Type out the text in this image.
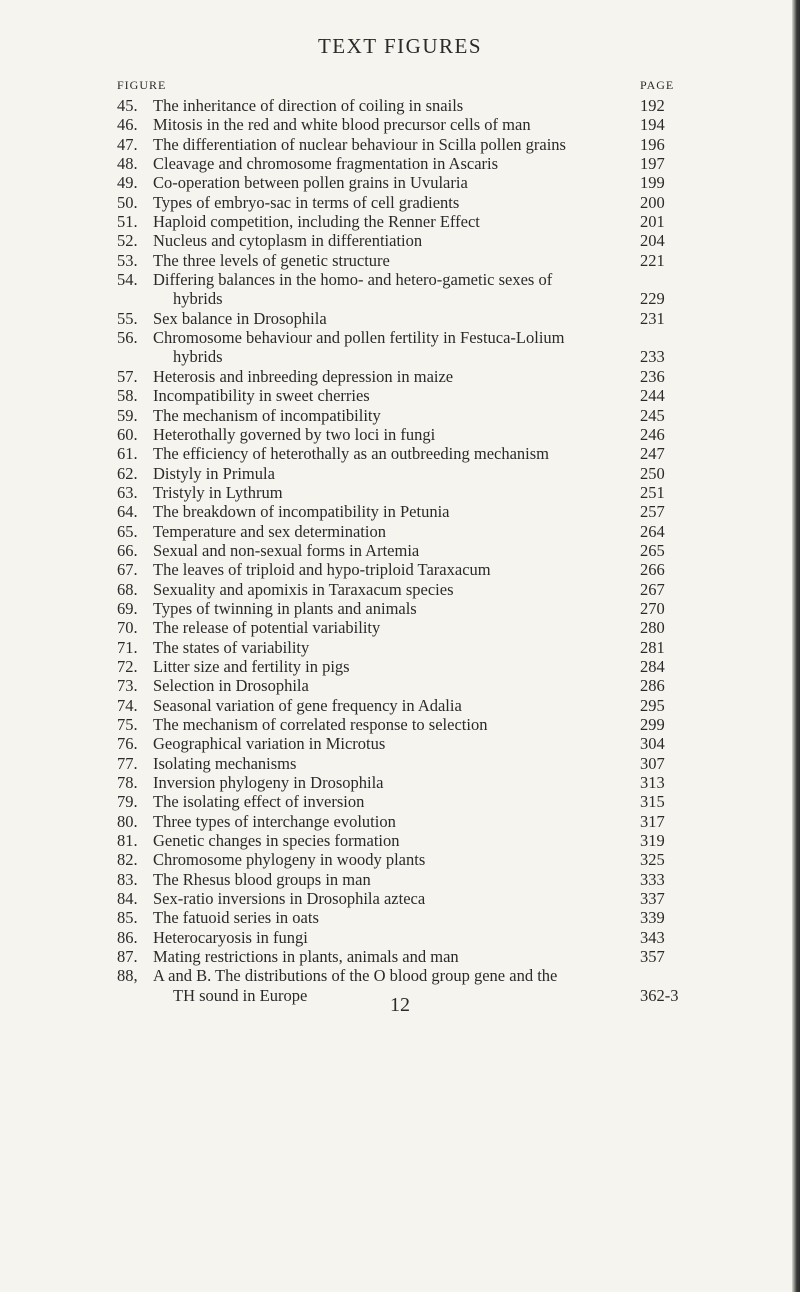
TEXT FIGURES
FIGURE	PAGE
45. The inheritance of direction of coiling in snails	192
46. Mitosis in the red and white blood precursor cells of man	194
47. The differentiation of nuclear behaviour in Scilla pollen grains	196
48. Cleavage and chromosome fragmentation in Ascaris	197
49. Co-operation between pollen grains in Uvularia	199
50. Types of embryo-sac in terms of cell gradients	200
51. Haploid competition, including the Renner Effect	201
52. Nucleus and cytoplasm in differentiation	204
53. The three levels of genetic structure	221
54. Differing balances in the homo- and hetero-gametic sexes of
hybrids	229
55. Sex balance in Drosophila	231
56. Chromosome behaviour and pollen fertility in Festuca-Lolium
hybrids	233
57. Heterosis and inbreeding depression in maize	236
58. Incompatibility in sweet cherries	244
59. The mechanism of incompatibility	245
60. Heterothally governed by two loci in fungi	246
61. The efficiency of heterothally as an outbreeding mechanism	247
62. Distyly in Primula	250
63. Tristyly in Lythrum	251
64. The breakdown of incompatibility in Petunia	257
65. Temperature and sex determination	264
66. Sexual and non-sexual forms in Artemia	265
67. The leaves of triploid and hypo-triploid Taraxacum	266
68. Sexuality and apomixis in Taraxacum species	267
69. Types of twinning in plants and animals	270
70. The release of potential variability	280
71. The states of variability	281
72. Litter size and fertility in pigs	284
73. Selection in Drosophila	286
74. Seasonal variation of gene frequency in Adalia	295
75. The mechanism of correlated response to selection	299
76. Geographical variation in Microtus	304
77. Isolating mechanisms	307
78. Inversion phylogeny in Drosophila	313
79. The isolating effect of inversion	315
80. Three types of interchange evolution	317
81. Genetic changes in species formation	319
82. Chromosome phylogeny in woody plants	325
83. The Rhesus blood groups in man	333
84. Sex-ratio inversions in Drosophila azteca	337
85. The fatuoid series in oats	339
86. Heterocaryosis in fungi	343
87. Mating restrictions in plants, animals and man	357
88, A and B. The distributions of the O blood group gene and the
TH sound in Europe	362-3
12
